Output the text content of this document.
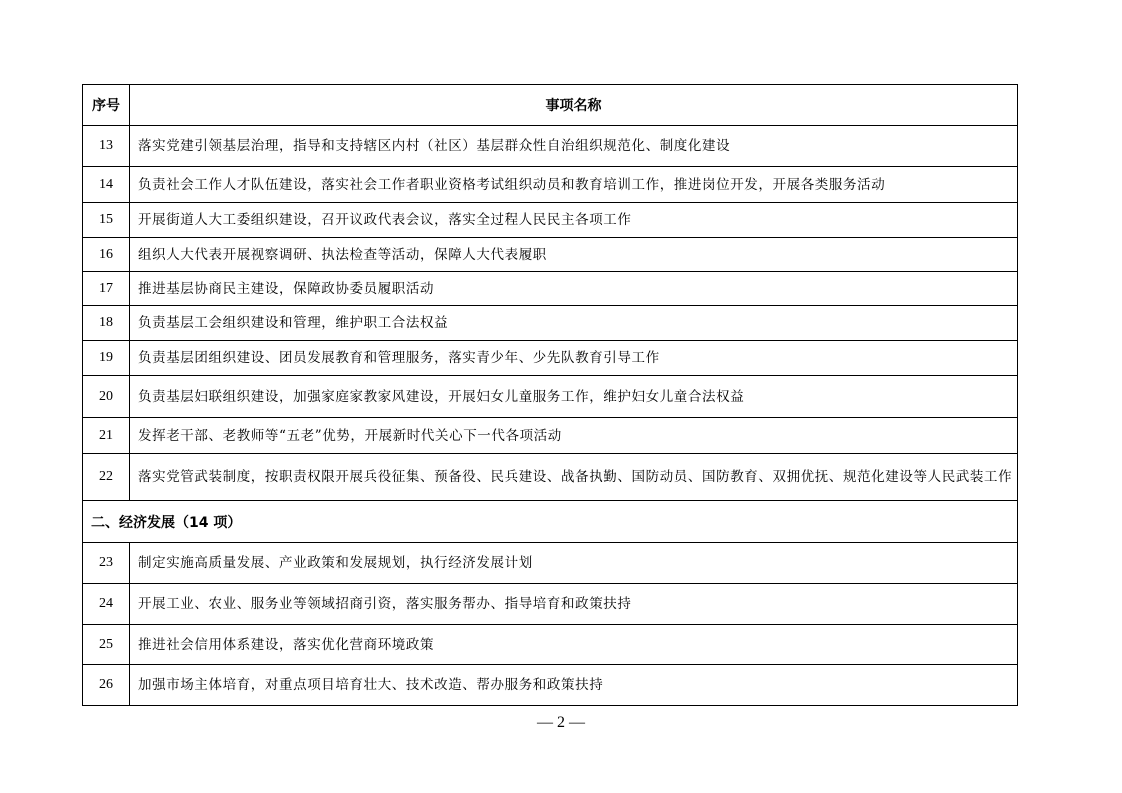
序号	事项名称
13	落实党建引领基层治理，指导和支持辖区内村（社区）基层群众性自治组织规范化、制度化建设
14	负责社会工作人才队伍建设，落实社会工作者职业资格考试组织动员和教育培训工作，推进岗位开发，开展各类服务活动
15	开展街道人大工委组织建设，召开议政代表会议，落实全过程人民民主各项工作
16	组织人大代表开展视察调研、执法检查等活动，保障人大代表履职
17	推进基层协商民主建设，保障政协委员履职活动
18	负责基层工会组织建设和管理，维护职工合法权益
19	负责基层团组织建设、团员发展教育和管理服务，落实青少年、少先队教育引导工作
20	负责基层妇联组织建设，加强家庭家教家风建设，开展妇女儿童服务工作，维护妇女儿童合法权益
21	发挥老干部、老教师等“五老”优势，开展新时代关心下一代各项活动
22	落实党管武装制度，按职责权限开展兵役征集、预备役、民兵建设、战备执勤、国防动员、国防教育、双拥优抚、规范化建设等人民武装工作
二、经济发展（14 项）	
23	制定实施高质量发展、产业政策和发展规划，执行经济发展计划
24	开展工业、农业、服务业等领域招商引资，落实服务帮办、指导培育和政策扶持
25	推进社会信用体系建设，落实优化营商环境政策
26	加强市场主体培育，对重点项目培育壮大、技术改造、帮办服务和政策扶持
— 2 —
